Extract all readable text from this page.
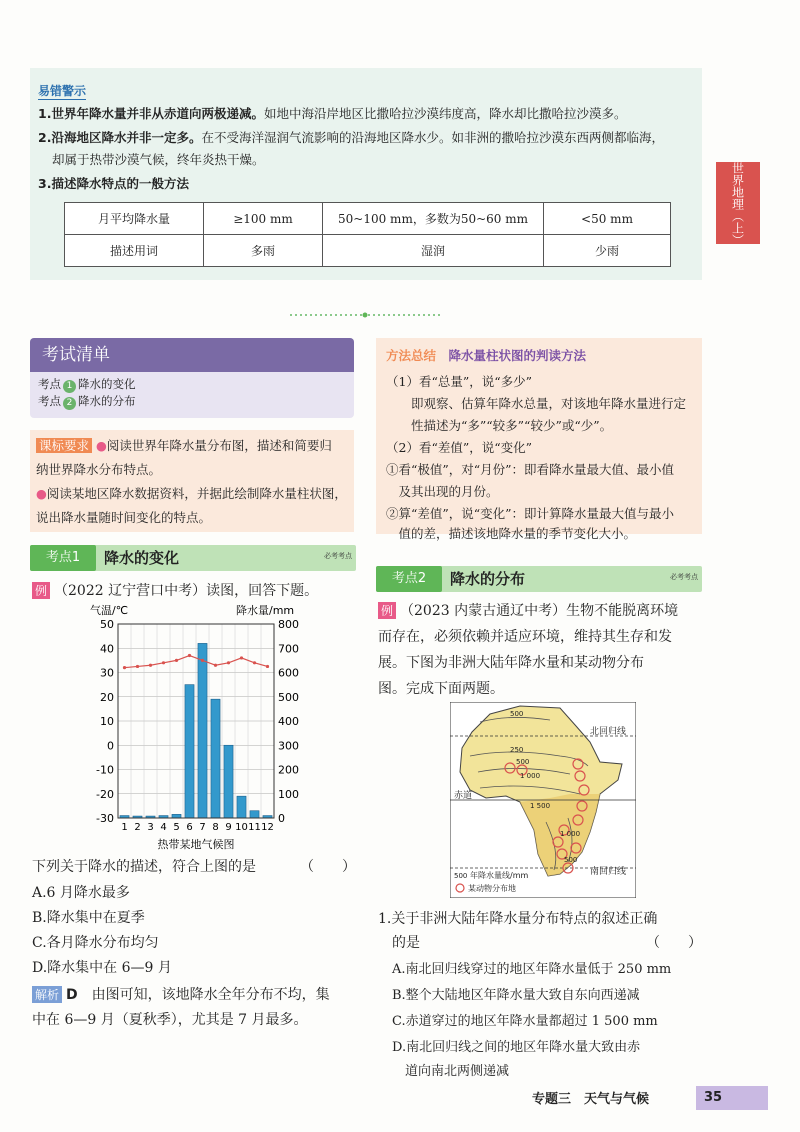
易错警示
1.世界年降水量并非从赤道向两极递减。如地中海沿岸地区比撒哈拉沙漠纬度高，降水却比撒哈拉沙漠多。
2.沿海地区降水并非一定多。在不受海洋湿润气流影响的沿海地区降水少。如非洲的撒哈拉沙漠东西两侧都临海，
却属于热带沙漠气候，终年炎热干燥。
3.描述降水特点的一般方法
月平均降水量	≥100 mm	50~100 mm，多数为50~60 mm	<50 mm
描述用词	多雨	湿润	少雨
世界地理（上）
考试清单
考点 1 降水的变化
考点 2 降水的分布
课标要求 ●阅读世界年降水量分布图，描述和简要归
纳世界降水分布特点。
●阅读某地区降水数据资料，并据此绘制降水量柱状图，
说出降水量随时间变化的特点。
考点1	降水的变化	必考考点
例 （2022 辽宁营口中考）读图，回答下题。
气温/℃	降水量/mm
50	800
40	700
30	600
20	500
10	400
0	300
-10	200
-20	100
-30	0
1 2 3 4 5 6 7 8 9 10 11 12
热带某地气候图
下列关于降水的描述，符合上图的是	（　　）
A.6 月降水最多
B.降水集中在夏季
C.各月降水分布均匀
D.降水集中在 6—9 月
解析 D　 由图可知，该地降水全年分布不均，集
中在 6—9 月（夏秋季），尤其是 7 月最多。
方法总结　 降水量柱状图的判读方法
（1）看“总量”，说“多少”
　　即观察、估算年降水总量，对该地年降水量进行定
　　性描述为“多”“较多”“较少”或“少”。
（2）看“差值”，说“变化”
①看“极值”，对“月份”：即看降水量最大值、最小值
　及其出现的月份。
②算“差值”，说“变化”：即计算降水量最大值与最小
　值的差，描述该地降水量的季节变化大小。
考点2	降水的分布	必考考点
例 （2023 内蒙古通辽中考）生物不能脱离环境
而存在，必须依赖并适应环境，维持其生存和发
展。下图为非洲大陆年降水量和某动物分布
图。完成下面两题。
500
250
500
1 000
1 500
1 000
500
北回归线
赤道
南回归线
500 年降水量线/mm
某动物分布地
1.关于非洲大陆年降水量分布特点的叙述正确
的是	（　　）
A.南北回归线穿过的地区年降水量低于 250 mm
B.整个大陆地区年降水量大致自东向西递减
C.赤道穿过的地区年降水量都超过 1 500 mm
D.南北回归线之间的地区年降水量大致由赤
　道向南北两侧递减
专题三　天气与气候	35
